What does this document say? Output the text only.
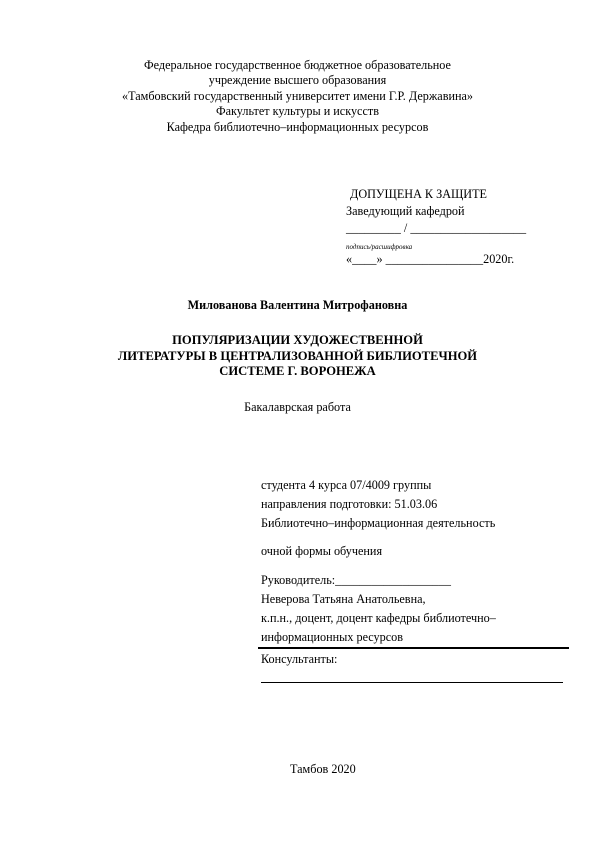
Федеральное государственное бюджетное образовательное
учреждение высшего образования
«Тамбовский государственный университет имени Г.Р. Державина»
Факультет культуры и искусств
Кафедра библиотечно–информационных ресурсов
ДОПУЩЕНА К ЗАЩИТЕ
Заведующий кафедрой
_________ / ___________________
подпись/расшифровка
«____» ________________2020г.
Милованова Валентина Митрофановна
ПОПУЛЯРИЗАЦИИ ХУДОЖЕСТВЕННОЙ
ЛИТЕРАТУРЫ В ЦЕНТРАЛИЗОВАННОЙ БИБЛИОТЕЧНОЙ
СИСТЕМЕ Г. ВОРОНЕЖА
Бакалаврская работа
студента 4 курса 07/4009 группы
направления подготовки: 51.03.06
Библиотечно–информационная деятельность
очной формы обучения
Руководитель:___________________
Неверова Татьяна Анатольевна,
к.п.н., доцент, доцент кафедры библиотечно–
информационных ресурсов
Консультанты:
Тамбов 2020
